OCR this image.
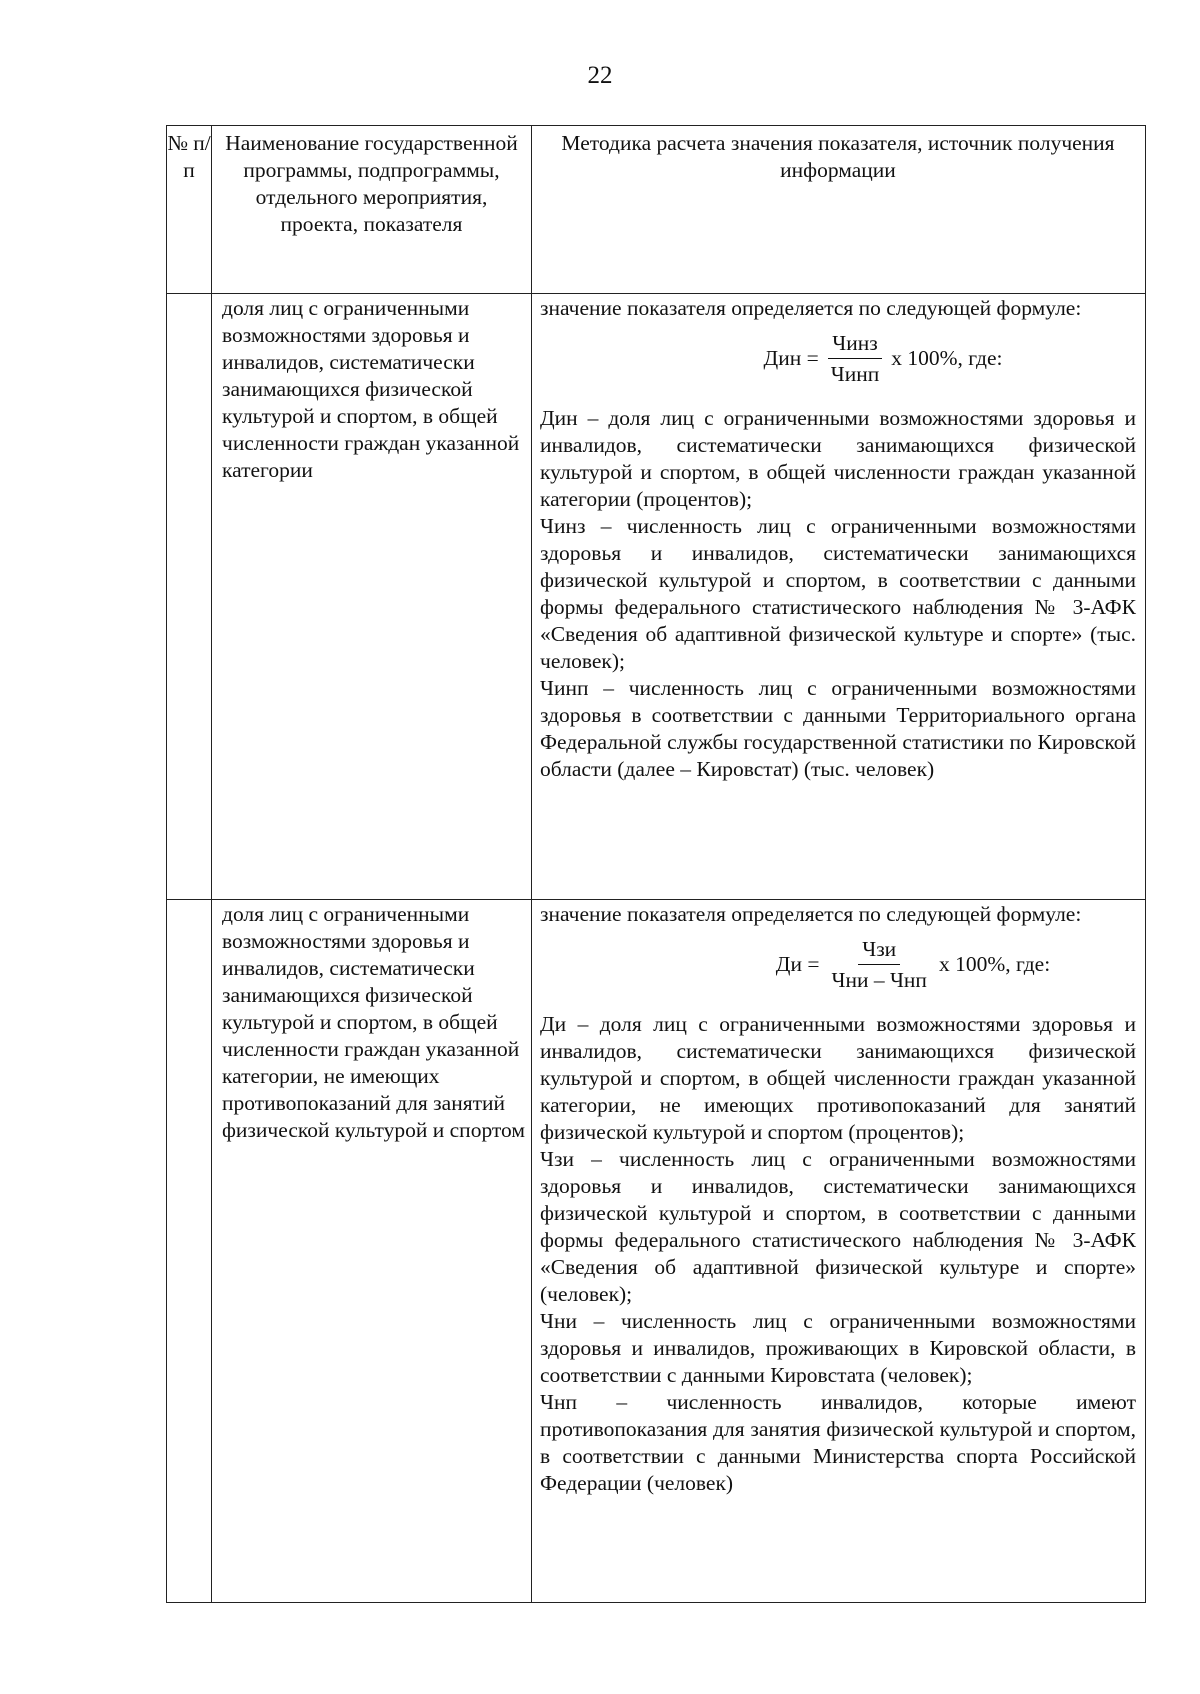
22
№ п/п
Наименование государственной программы, подпрограммы, отдельного мероприятия, проекта, показателя
Методика расчета значения показателя, источник получения информации
доля лиц с ограниченными возможностями здоровья и инвалидов, систематически занимающихся физической культурой и спортом, в общей численности граждан указанной категории

значение показателя определяется по следующей формуле:

Дин = $\frac{\text{Чинз}}{\text{Чинп}}$ x 100%, где:

Дин – доля лиц с ограниченными возможностями здоровья и инвалидов, систематически занимающихся физической культурой и спортом, в общей численности граждан указанной категории (процентов);

Чинз – численность лиц с ограниченными возможностями здоровья и инвалидов, систематически занимающихся физической культурой и спортом, в соответствии с данными формы федерального статистического наблюдения № 3-АФК «Сведения об адаптивной физической культуре и спорте» (тыс. человек);

Чинп – численность лиц с ограниченными возможностями здоровья в соответствии с данными Территориального органа Федеральной службы государственной статистики по Кировской области (далее – Кировстат) (тыс. человек)

доля лиц с ограниченными возможностями здоровья и инвалидов, систематически занимающихся физической культурой и спортом, в общей численности граждан указанной категории, не имеющих противопоказаний для занятий физической культурой и спортом

значение показателя определяется по следующей формуле:

Ди = $\frac{\text{Чзи}}{\text{Чни – Чнп}}$ x 100%, где:

Ди – доля лиц с ограниченными возможностями здоровья и инвалидов, систематически занимающихся физической культурой и спортом, в общей численности граждан указанной категории, не имеющих противопоказаний для занятий физической культурой и спортом (процентов);

Чзи – численность лиц с ограниченными возможностями здоровья и инвалидов, систематически занимающихся физической культурой и спортом, в соответствии с данными формы федерального статистического наблюдения № 3-АФК «Сведения об адаптивной физической культуре и спорте» (человек);

Чни – численность лиц с ограниченными возможностями здоровья и инвалидов, проживающих в Кировской области, в соответствии с данными Кировстата (человек);

Чнп – численность инвалидов, которые имеют противопоказания для занятия физической культурой и спортом, в соответствии с данными Министерства спорта Российской Федерации (человек)
